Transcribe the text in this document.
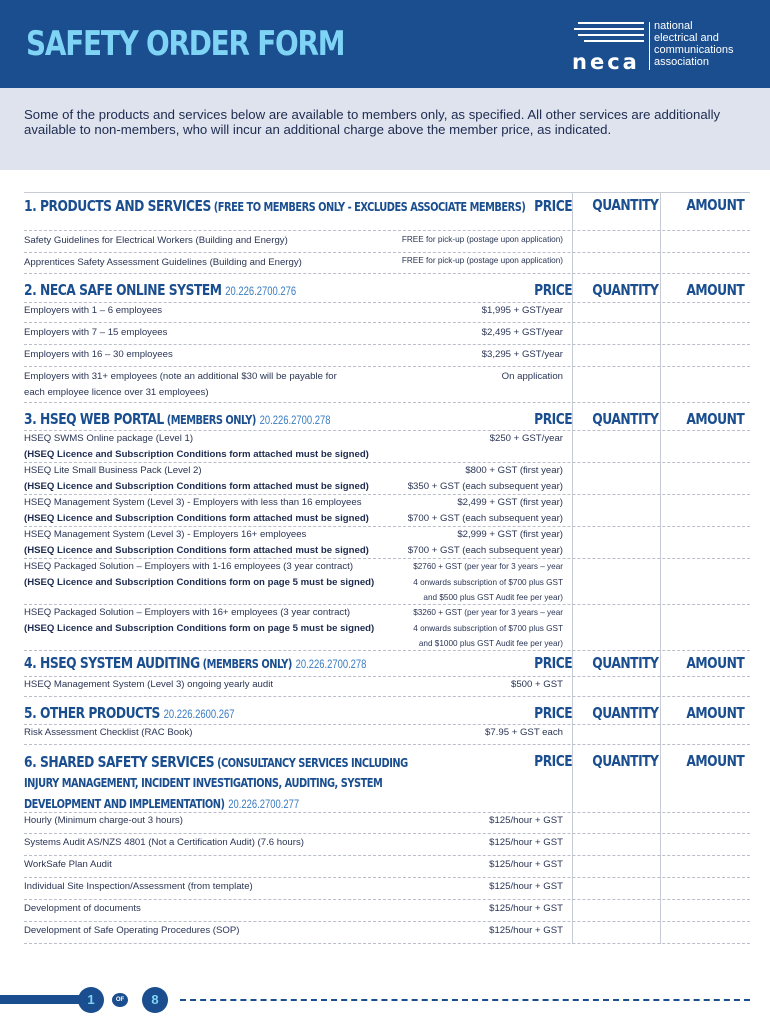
SAFETY ORDER FORM	neca
national
electrical and
communications
association

Some of the products and services below are available to members only, as specified. All other services are additionally available to non-members, who will incur an additional charge above the member price, as indicated.

1. PRODUCTS AND SERVICES (FREE TO MEMBERS ONLY - EXCLUDES ASSOCIATE MEMBERS) PRICE QUANTITY AMOUNT
Safety Guidelines for Electrical Workers (Building and Energy)	FREE for pick-up (postage upon application)
Apprentices Safety Assessment Guidelines (Building and Energy)	FREE for pick-up (postage upon application)
2. NECA SAFE ONLINE SYSTEM 20.226.2700.276	PRICE QUANTITY AMOUNT
Employers with 1 – 6 employees	$1,995 + GST/year
Employers with 7 – 15 employees	$2,495 + GST/year
Employers with 16 – 30 employees	$3,295 + GST/year
Employers with 31+ employees (note an additional $30 will be payable for
each employee licence over 31 employees)
On application
3. HSEQ WEB PORTAL (MEMBERS ONLY) 20.226.2700.278	PRICE QUANTITY AMOUNT
HSEQ SWMS Online package (Level 1)
(HSEQ Licence and Subscription Conditions form attached must be signed)
$250 + GST/year
HSEQ Lite Small Business Pack (Level 2)
(HSEQ Licence and Subscription Conditions form attached must be signed)
$800 + GST (first year)
$350 + GST (each subsequent year)
HSEQ Management System (Level 3) - Employers with less than 16 employees
(HSEQ Licence and Subscription Conditions form attached must be signed)
$2,499 + GST (first year)
$700 + GST (each subsequent year)
HSEQ Management System (Level 3) - Employers 16+ employees
(HSEQ Licence and Subscription Conditions form attached must be signed)
$2,999 + GST (first year)
$700 + GST (each subsequent year)
HSEQ Packaged Solution – Employers with 1-16 employees (3 year contract)
(HSEQ Licence and Subscription Conditions form on page 5 must be signed)
$2760 + GST (per year for 3 years – year
4 onwards subscription of $700 plus GST
and $500 plus GST Audit fee per year)
HSEQ Packaged Solution – Employers with 16+ employees (3 year contract)
(HSEQ Licence and Subscription Conditions form on page 5 must be signed)
$3260 + GST (per year for 3 years – year
4 onwards subscription of $700 plus GST
and $1000 plus GST Audit fee per year)
4. HSEQ SYSTEM AUDITING (MEMBERS ONLY) 20.226.2700.278	PRICE QUANTITY AMOUNT
HSEQ Management System (Level 3) ongoing yearly audit	$500 + GST
5. OTHER PRODUCTS 20.226.2600.267	PRICE QUANTITY AMOUNT
Risk Assessment Checklist (RAC Book)	$7.95 + GST each
6. SHARED SAFETY SERVICES (CONSULTANCY SERVICES INCLUDING
INJURY MANAGEMENT, INCIDENT INVESTIGATIONS, AUDITING, SYSTEM
DEVELOPMENT AND IMPLEMENTATION) 20.226.2700.277
PRICE QUANTITY AMOUNT
Hourly (Minimum charge-out 3 hours)	$125/hour + GST
Systems Audit AS/NZS 4801 (Not a Certification Audit) (7.6 hours)	$125/hour + GST
WorkSafe Plan Audit	$125/hour + GST
Individual Site Inspection/Assessment (from template)	$125/hour + GST
Development of documents	$125/hour + GST
Development of Safe Operating Procedures (SOP)	$125/hour + GST
1	OF	8
